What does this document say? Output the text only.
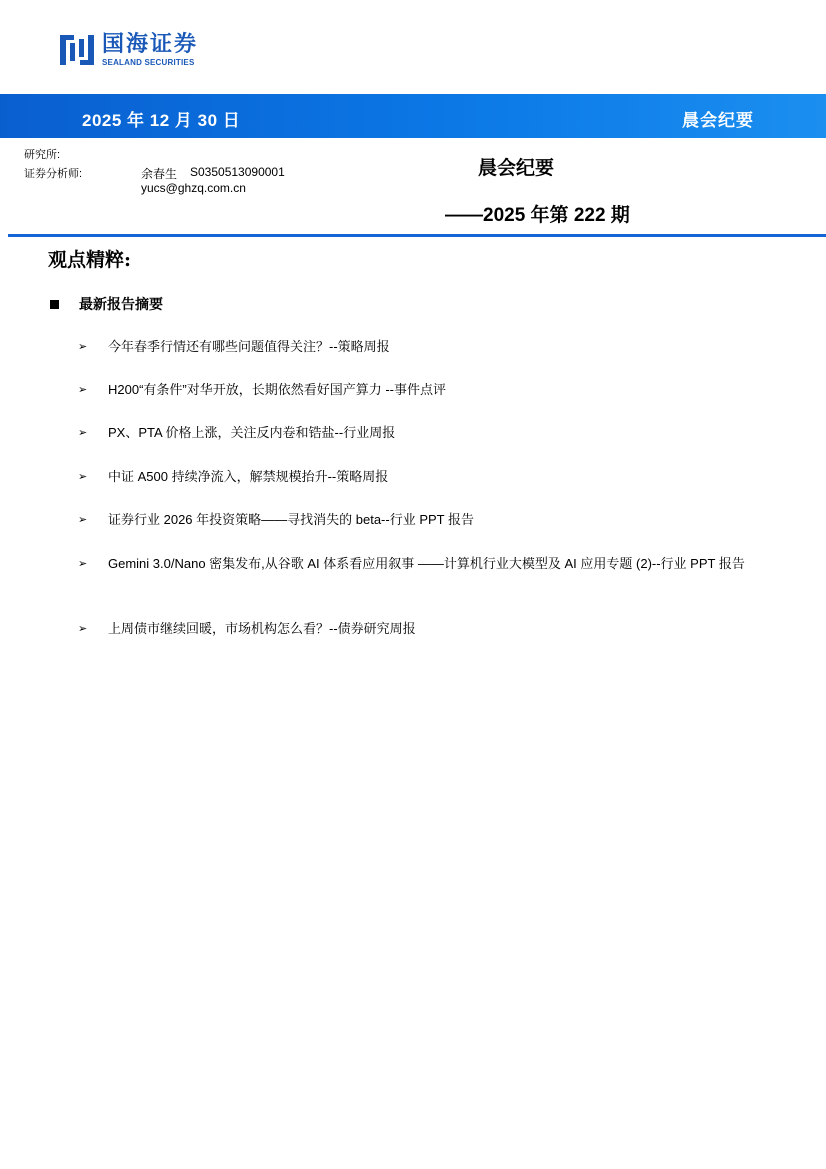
国海证券
SEALAND SECURITIES
2025 年 12 月 30 日	晨会纪要
研究所:
证券分析师:	余春生 S0350513090001
yucs@ghzq.com.cn
晨会纪要
——2025 年第 222 期
观点精粹:
最新报告摘要
➢	今年春季行情还有哪些问题值得关注？--策略周报
➢	H200“有条件”对华开放，长期依然看好国产算力 --事件点评
➢	PX、PTA 价格上涨，关注反内卷和锆盐--行业周报
➢	中证 A500 持续净流入，解禁规模抬升--策略周报
➢	证券行业 2026 年投资策略——寻找消失的 beta--行业 PPT 报告
➢	Gemini 3.0/Nano 密集发布,从谷歌 AI 体系看应用叙事 ——计算机行业大模型及 AI 应用专题 (2)--行业 PPT 报告
➢	上周债市继续回暖，市场机构怎么看？--债券研究周报
